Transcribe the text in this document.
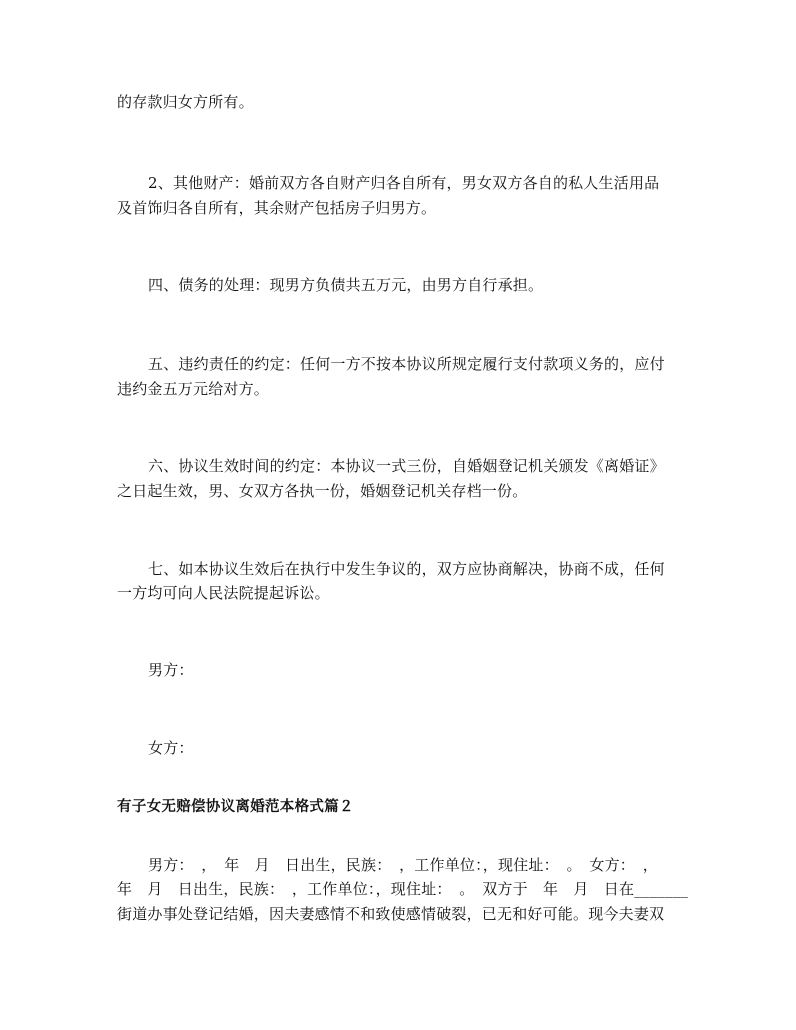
的存款归女方所有。
2、其他财产：婚前双方各自财产归各自所有，男女双方各自的私人生活用品
及首饰归各自所有，其余财产包括房子归男方。
四、债务的处理：现男方负债共五万元，由男方自行承担。
五、违约责任的约定：任何一方不按本协议所规定履行支付款项义务的，应付
违约金五万元给对方。
六、协议生效时间的约定：本协议一式三份，自婚姻登记机关颁发《离婚证》
之日起生效，男、女双方各执一份，婚姻登记机关存档一份。
七、如本协议生效后在执行中发生争议的，双方应协商解决，协商不成，任何
一方均可向人民法院提起诉讼。
男方：
女方：
有子女无赔偿协议离婚范本格式篇２
男方：　，　年　月　日出生，民族：　，工作单位：，现住址：　。　女方：　，
年　月　日出生，民族：　，工作单位：，现住址：　。　双方于　年　月　日在_______
街道办事处登记结婚，因夫妻感情不和致使感情破裂，已无和好可能。现今夫妻双
